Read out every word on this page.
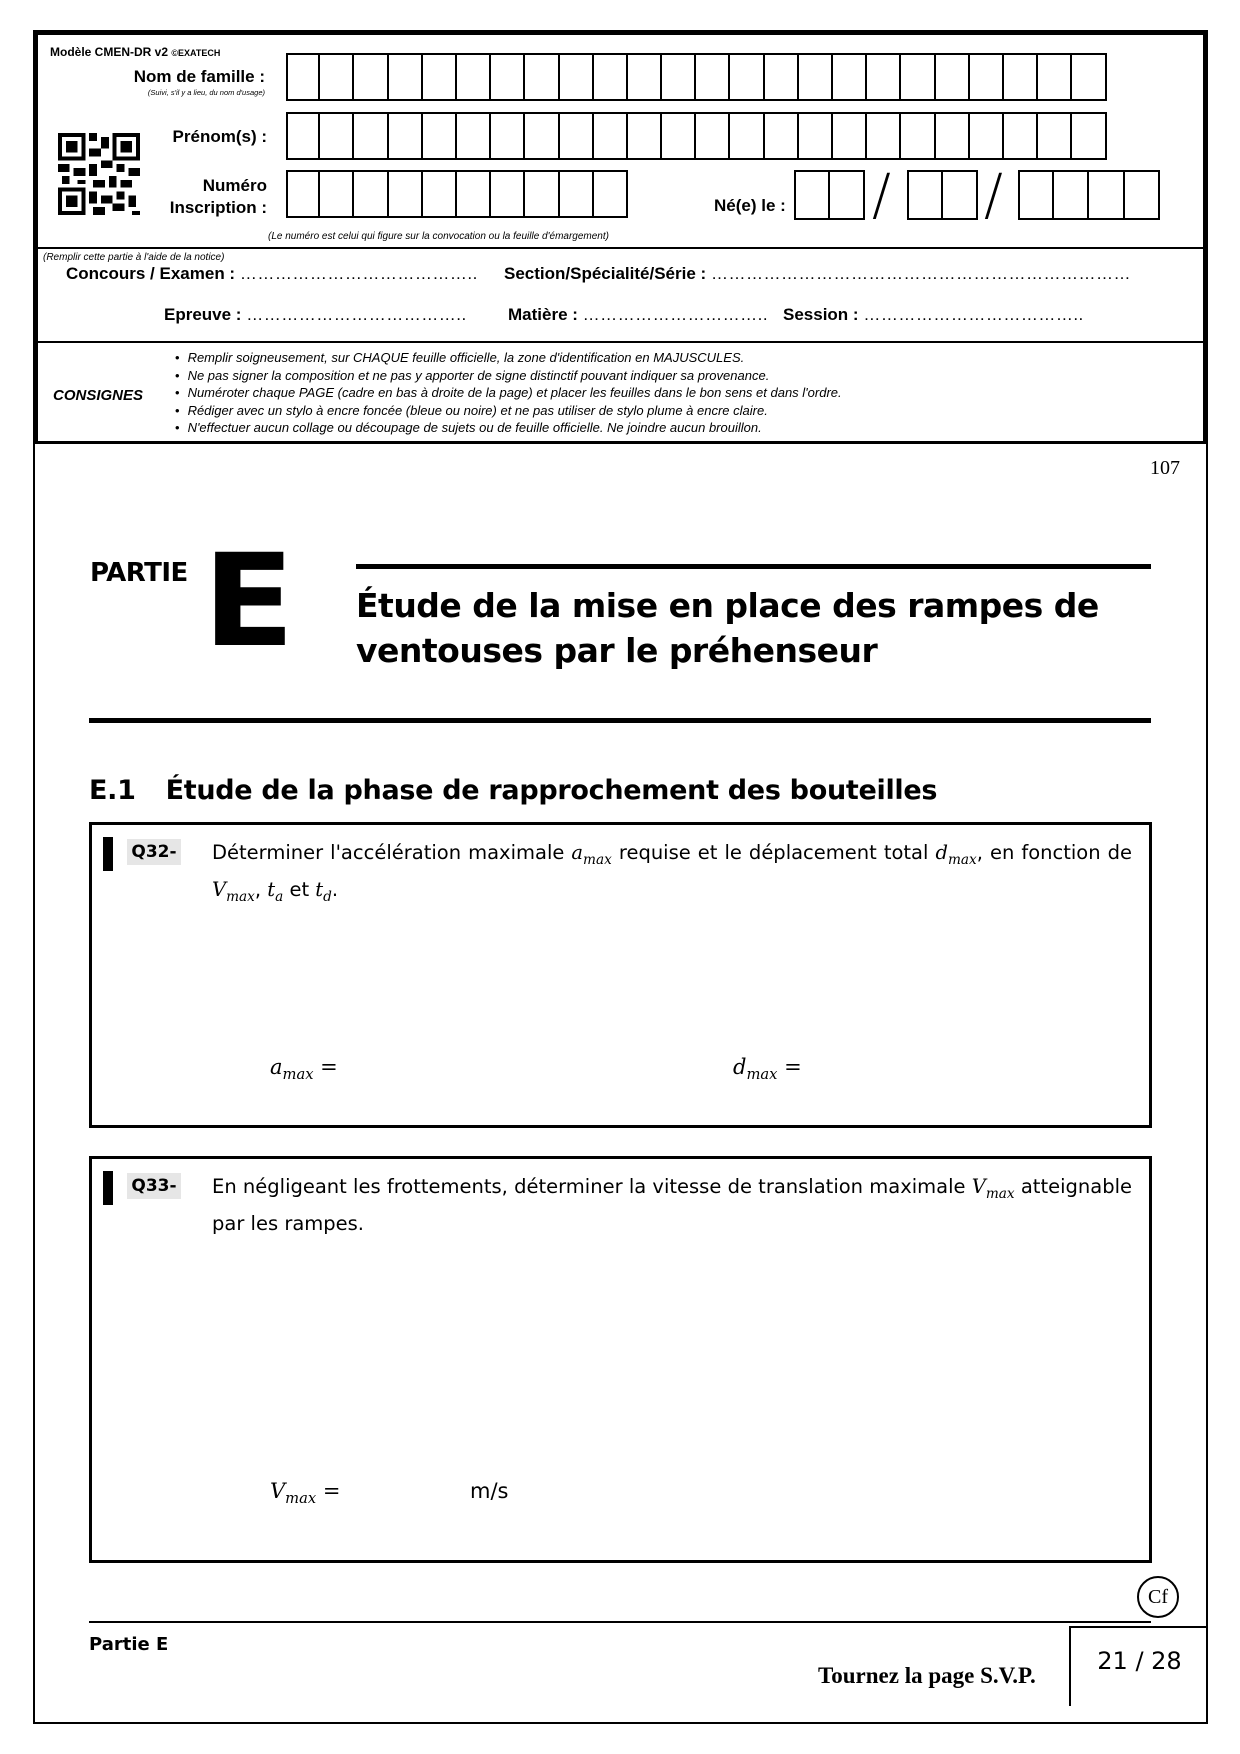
Modèle CMEN-DR v2 ©EXATECH
Nom de famille :
(Suivi, s'il y a lieu, du nom d'usage)
Prénom(s) :
Numéro
Inscription :	Né(e) le : / /
(Le numéro est celui qui figure sur la convocation ou la feuille d'émargement)
(Remplir cette partie à l'aide de la notice)
Concours / Examen : ………………………………….. Section/Spécialité/Série : ………………………………………………………………
Epreuve : ……………………………….. Matière : ………………………….. Session : ………………………………..
CONSIGNES
• Remplir soigneusement, sur CHAQUE feuille officielle, la zone d'identification en MAJUSCULES.
• Ne pas signer la composition et ne pas y apporter de signe distinctif pouvant indiquer sa provenance.
• Numéroter chaque PAGE (cadre en bas à droite de la page) et placer les feuilles dans le bon sens et dans l'ordre.
• Rédiger avec un stylo à encre foncée (bleue ou noire) et ne pas utiliser de stylo plume à encre claire.
• N'effectuer aucun collage ou découpage de sujets ou de feuille officielle. Ne joindre aucun brouillon.
107
PARTIE E Étude de la mise en place des rampes de
ventouses par le préhenseur
E.1 Étude de la phase de rapprochement des bouteilles
Q32- Déterminer l'accélération maximale $a_{max}$ requise et le déplacement total $d_{max}$, en fonction de $V_{max}$, $t_a$ et $t_d$.
$a_{max}$ =	$d_{max}$ =
Q33- En négligeant les frottements, déterminer la vitesse de translation maximale $V_{max}$ atteignable par les rampes.
$V_{max}$ =	m/s
Cf
Partie E
Tournez la page S.V.P.
21 / 28
